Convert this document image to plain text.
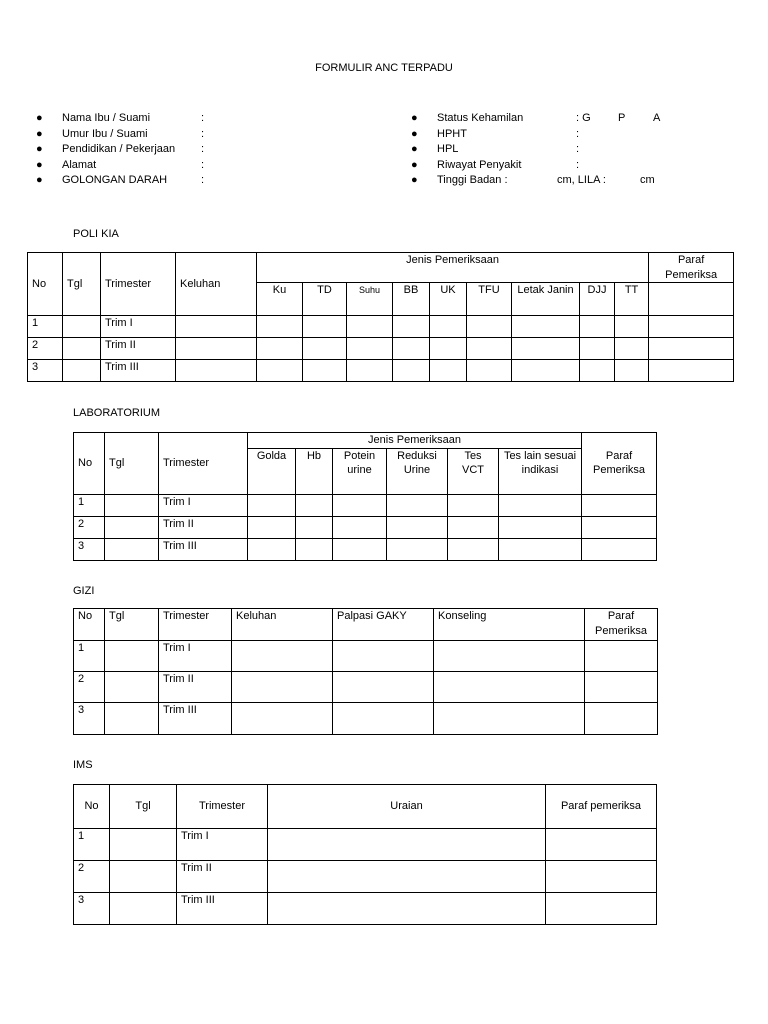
FORMULIR ANC TERPADU
● Nama Ibu / Suami	:
● Umur Ibu / Suami	:
● Pendidikan / Pekerjaan :
● Alamat	:
● GOLONGAN DARAH	:
● Status Kehamilan	: G P	A
● HPHT	:
● HPL	:
● Riwayat Penyakit	:
● Tinggi Badan :	cm, LILA :	cm
POLI KIA
No	Tgl	Trimester	Keluhan	Jenis Pemeriksaan									Paraf Pemeriksa
				Ku	TD	Suhu	BB	UK	TFU	Letak Janin	DJJ	TT	
1		Trim I											
2		Trim II											
3		Trim III											
LABORATORIUM
No	Tgl	Trimester	Jenis Pemeriksaan						Paraf Pemeriksa
			Golda	Hb	Potein urine	Reduksi Urine	Tes VCT	Tes lain sesuai indikasi	
1		Trim I							
2		Trim II							
3		Trim III							
GIZI
No	Tgl	Trimester	Keluhan	Palpasi GAKY	Konseling	Paraf Pemeriksa
1		Trim I				
2		Trim II				
3		Trim III				
IMS
No	Tgl	Trimester	Uraian	Paraf pemeriksa
1		Trim I		
2		Trim II		
3		Trim III		
